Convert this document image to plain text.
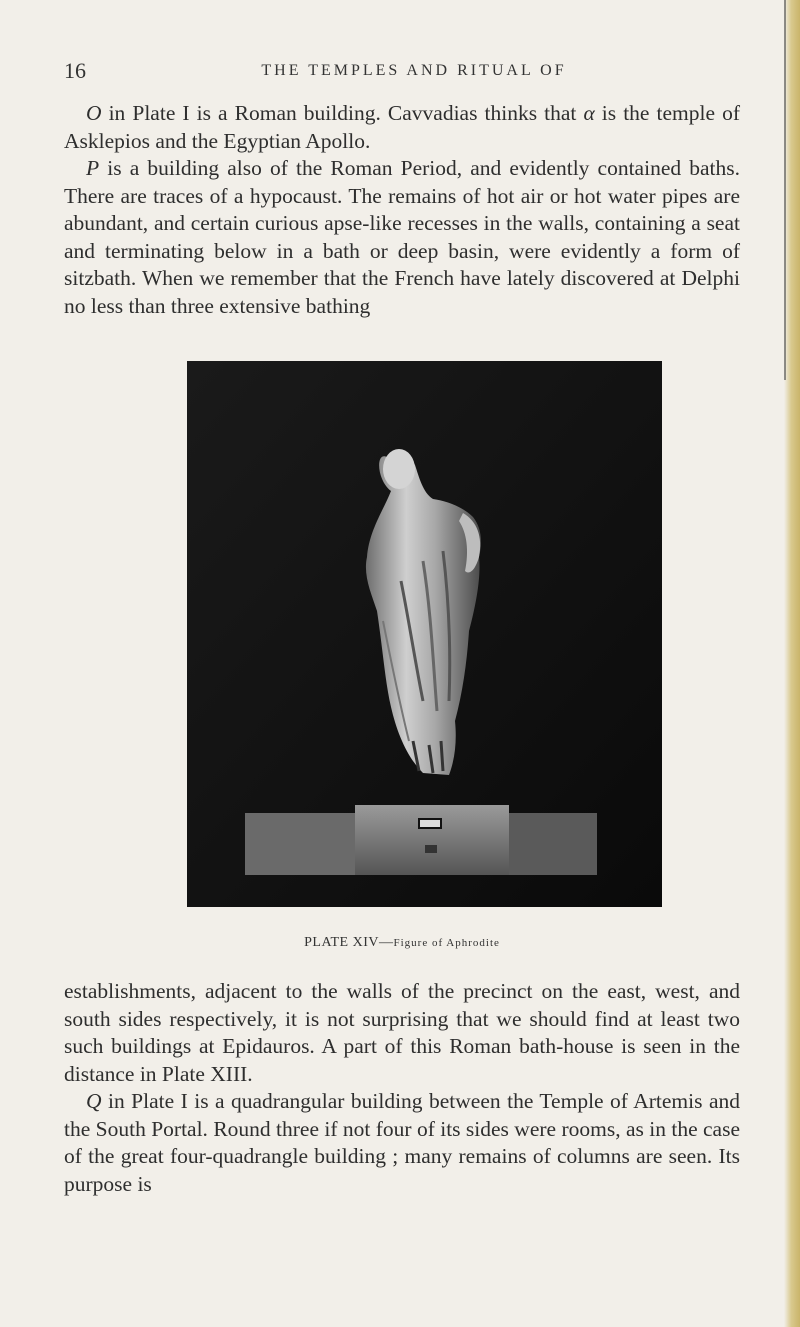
16	THE TEMPLES AND RITUAL OF

O in Plate I is a Roman building. Cavvadias thinks that α is the temple of Asklepios and the Egyptian Apollo.

P is a building also of the Roman Period, and evidently contained baths. There are traces of a hypocaust. The remains of hot air or hot water pipes are abundant, and certain curious apse-like recesses in the walls, containing a seat and terminating below in a bath or deep basin, were evidently a form of sitzbath. When we remember that the French have lately discovered at Delphi no less than three extensive bathing

PLATE XIV—Figure of Aphrodite

establishments, adjacent to the walls of the precinct on the east, west, and south sides respectively, it is not surprising that we should find at least two such buildings at Epidauros. A part of this Roman bath-house is seen in the distance in Plate XIII.

Q in Plate I is a quadrangular building between the Temple of Artemis and the South Portal. Round three if not four of its sides were rooms, as in the case of the great four-quadrangle building ; many remains of columns are seen. Its purpose is
